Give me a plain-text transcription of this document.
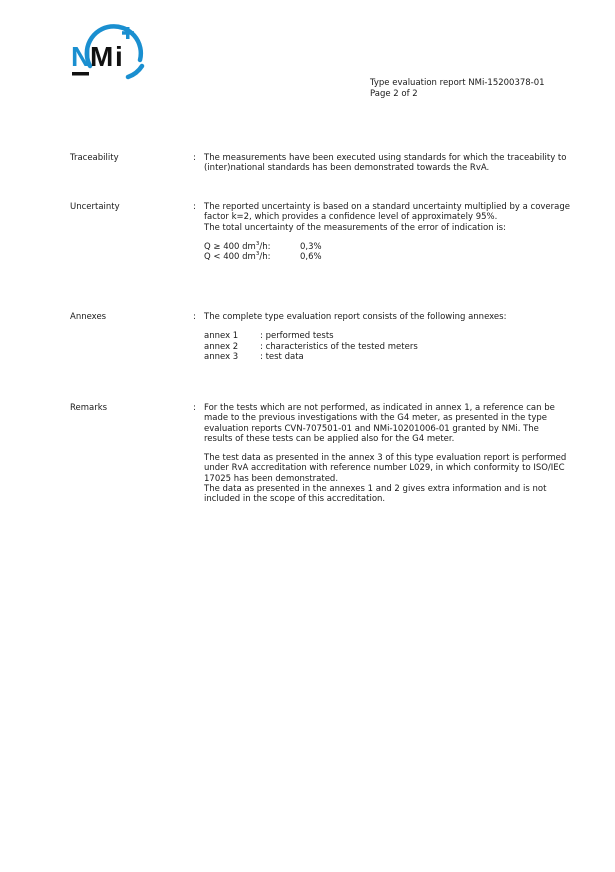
N
M i
Type evaluation report NMi-15200378-01
Page 2 of 2
Traceability	: The measurements have been executed using standards for which the traceability to (inter)national standards has been demonstrated towards the RvA.

Uncertainty	: The reported uncertainty is based on a standard uncertainty multiplied by a coverage factor k=2, which provides a confidence level of approximately 95%.

The total uncertainty of the measurements of the error of indication is:

Q ≥ 400 $dm^3/h$:	0,3%
Q < 400 $dm^3/h$:	0,6%
Annexes	: The complete type evaluation report consists of the following annexes:

annex 1	: performed tests
annex 2	: characteristics of the tested meters
annex 3	: test data
Remarks	: For the tests which are not performed, as indicated in annex 1, a reference can be made to the previous investigations with the G4 meter, as presented in the type evaluation reports CVN-707501-01 and NMi-10201006-01 granted by NMi. The results of these tests can be applied also for the G4 meter.

The test data as presented in the annex 3 of this type evaluation report is performed under RvA accreditation with reference number L029, in which conformity to ISO/IEC 17025 has been demonstrated.

The data as presented in the annexes 1 and 2 gives extra information and is not included in the scope of this accreditation.
